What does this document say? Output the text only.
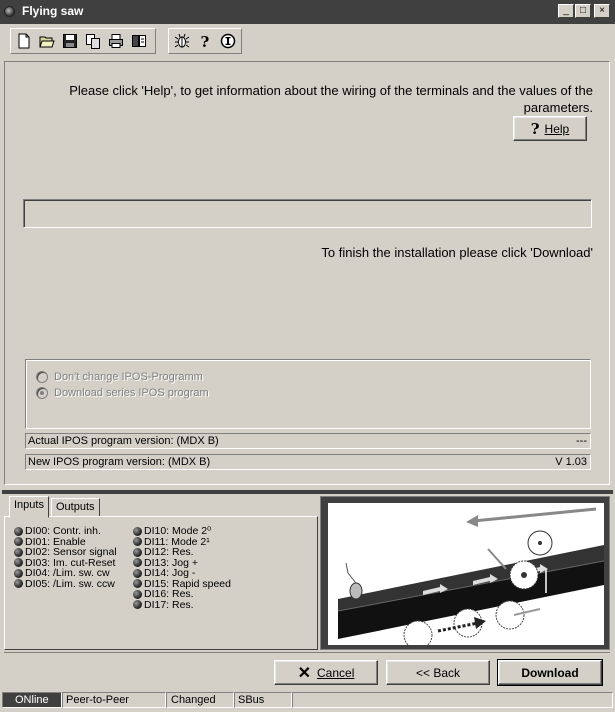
Flying saw	_	□	×
?
Please click 'Help', to get information about the wiring of the terminals and the values of the parameters.
? Help
To finish the installation please click 'Download'
Don't change IPOS-Programm
Download series IPOS program
Actual IPOS program version: (MDX B)	---
New IPOS program version: (MDX B)	V 1.03
Inputs	Outputs
DI00: Contr. inh.
DI01: Enable
DI02: Sensor signal
DI03: Im. cut-Reset
DI04: /Lim. sw. cw
DI05: /Lim. sw. ccw
DI10: Mode 2⁰
DI11: Mode 2¹
DI12: Res.
DI13: Jog +
DI14: Jog -
DI15: Rapid speed
DI16: Res.
DI17: Res.
✕ Cancel	<< Back	Download
ONline	Peer-to-Peer	Changed	SBus
